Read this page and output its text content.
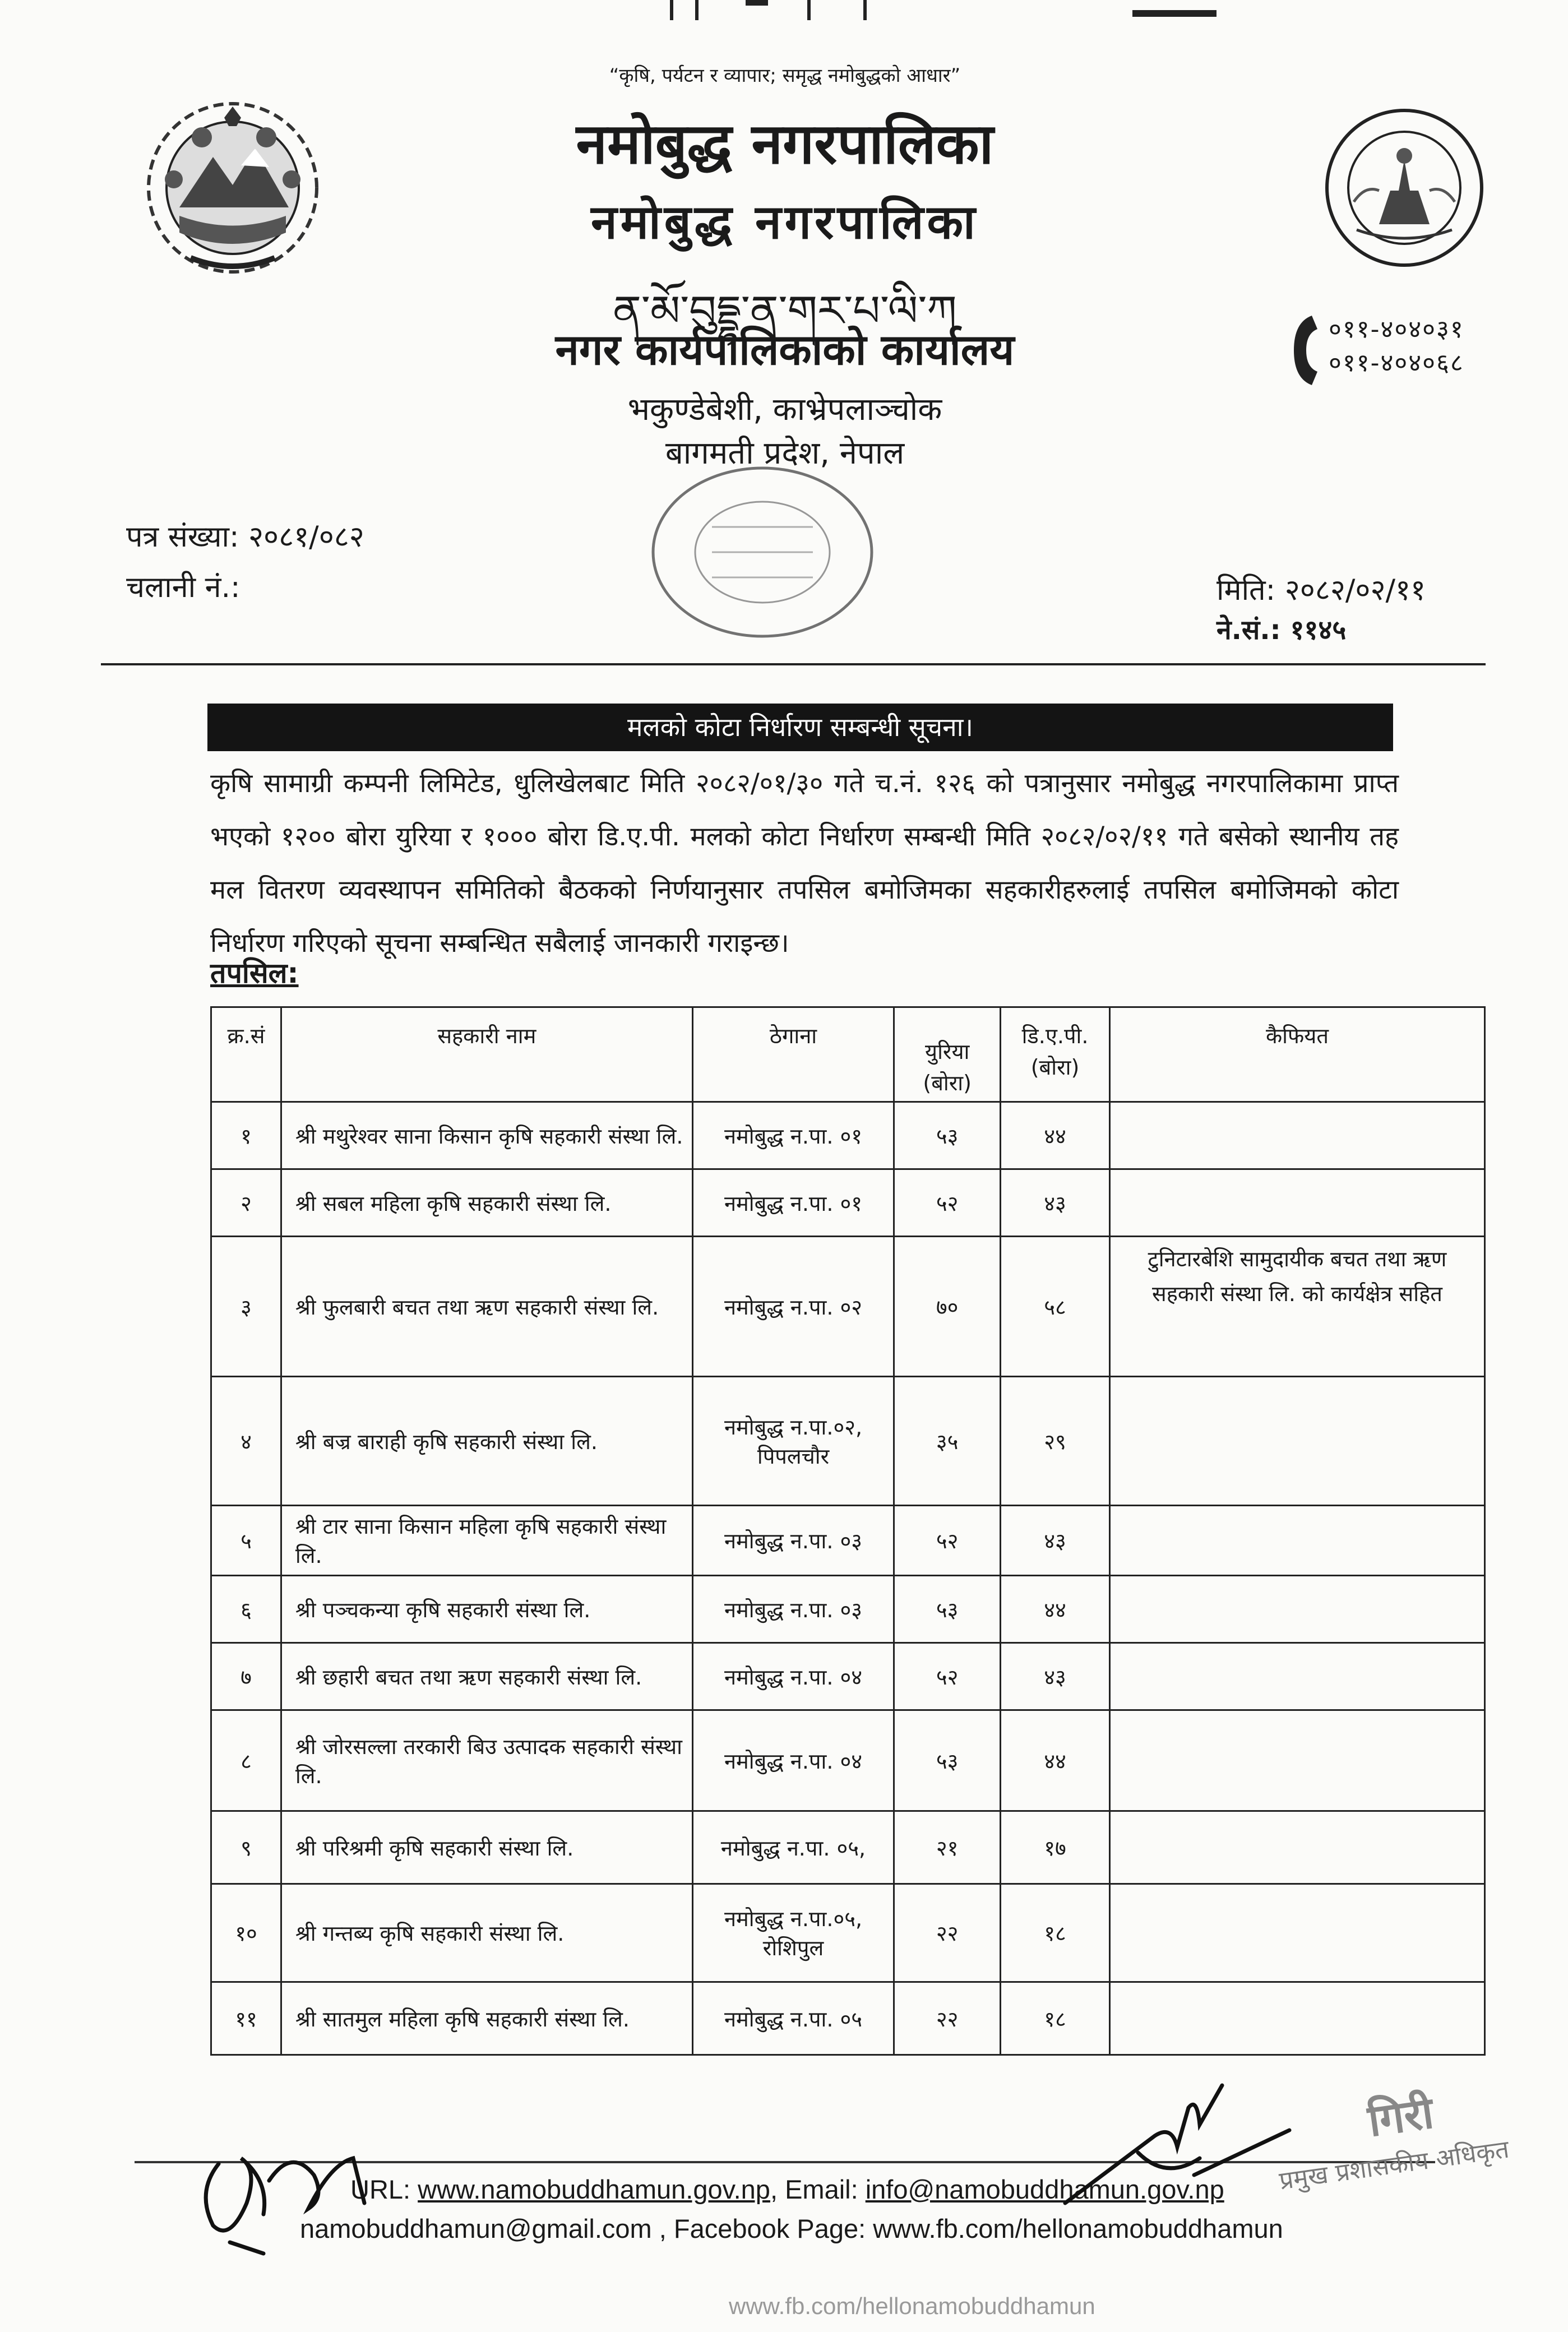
“कृषि, पर्यटन र व्यापार; समृद्ध नमोबुद्धको आधार”
नमोबुद्ध नगरपालिका
नमोबुद्ध नगरपालिका
ན་མོ་བུདྡྷ་ན་གར་པ་ལི་ཀ
नगर कार्यपालिकाको कार्यालय
भकुण्डेबेशी, काभ्रेपलाञ्चोक
बागमती प्रदेश, नेपाल
०११-४०४०३१
०११-४०४०६८
पत्र संख्या: २०८१/०८२
चलानी नं.:	मिति: २०८२/०२/११
ने.सं.: ११४५
मलको कोटा निर्धारण सम्बन्धी सूचना।
कृषि सामाग्री कम्पनी लिमिटेड, धुलिखेलबाट मिति २०८२/०१/३० गते च.नं. १२६ को पत्रानुसार नमोबुद्ध नगरपालिकामा प्राप्त भएको १२०० बोरा युरिया र १००० बोरा डि.ए.पी. मलको कोटा निर्धारण सम्बन्धी मिति २०८२/०२/११ गते बसेको स्थानीय तह मल वितरण व्यवस्थापन समितिको बैठकको निर्णयानुसार तपसिल बमोजिमका सहकारीहरुलाई तपसिल बमोजिमको कोटा निर्धारण गरिएको सूचना सम्बन्धित सबैलाई जानकारी गराइन्छ।
तपसिल:
क्र.सं	सहकारी नाम	ठेगाना	युरिया (बोरा)	डि.ए.पी. (बोरा)	कैफियत
१	श्री मथुरेश्वर साना किसान कृषि सहकारी संस्था लि.	नमोबुद्ध न.पा. ०१	५३	४४	
२	श्री सबल महिला कृषि सहकारी संस्था लि.	नमोबुद्ध न.पा. ०१	५२	४३	
३	श्री फुलबारी बचत तथा ऋण सहकारी संस्था लि.	नमोबुद्ध न.पा. ०२	७०	५८	टुनिटारबेशि सामुदायीक बचत तथा ऋण सहकारी संस्था लि. को कार्यक्षेत्र सहित
४	श्री बज्र बाराही कृषि सहकारी संस्था लि.	नमोबुद्ध न.पा.०२, पिपलचौर	३५	२९	
५	श्री टार साना किसान महिला कृषि सहकारी संस्था लि.	नमोबुद्ध न.पा. ०३	५२	४३	
६	श्री पञ्चकन्या कृषि सहकारी संस्था लि.	नमोबुद्ध न.पा. ०३	५३	४४	
७	श्री छहारी बचत तथा ऋण सहकारी संस्था लि.	नमोबुद्ध न.पा. ०४	५२	४३	
८	श्री जोरसल्ला तरकारी बिउ उत्पादक सहकारी संस्था लि.	नमोबुद्ध न.पा. ०४	५३	४४	
९	श्री परिश्रमी कृषि सहकारी संस्था लि.	नमोबुद्ध न.पा. ०५,	२१	१७	
१०	श्री गन्तब्य कृषि सहकारी संस्था लि.	नमोबुद्ध न.पा.०५, रोशिपुल	२२	१८	
११	श्री सातमुल महिला कृषि सहकारी संस्था लि.	नमोबुद्ध न.पा. ०५	२२	१८	
URL: www.namobuddhamun.gov.np, Email: info@namobuddhamun.gov.np
namobuddhamun@gmail.com , Facebook Page: www.fb.com/hellonamobuddhamun
गिरी
प्रमुख प्रशासकीय अधिकृत
www.fb.com/hellonamobuddhamun
